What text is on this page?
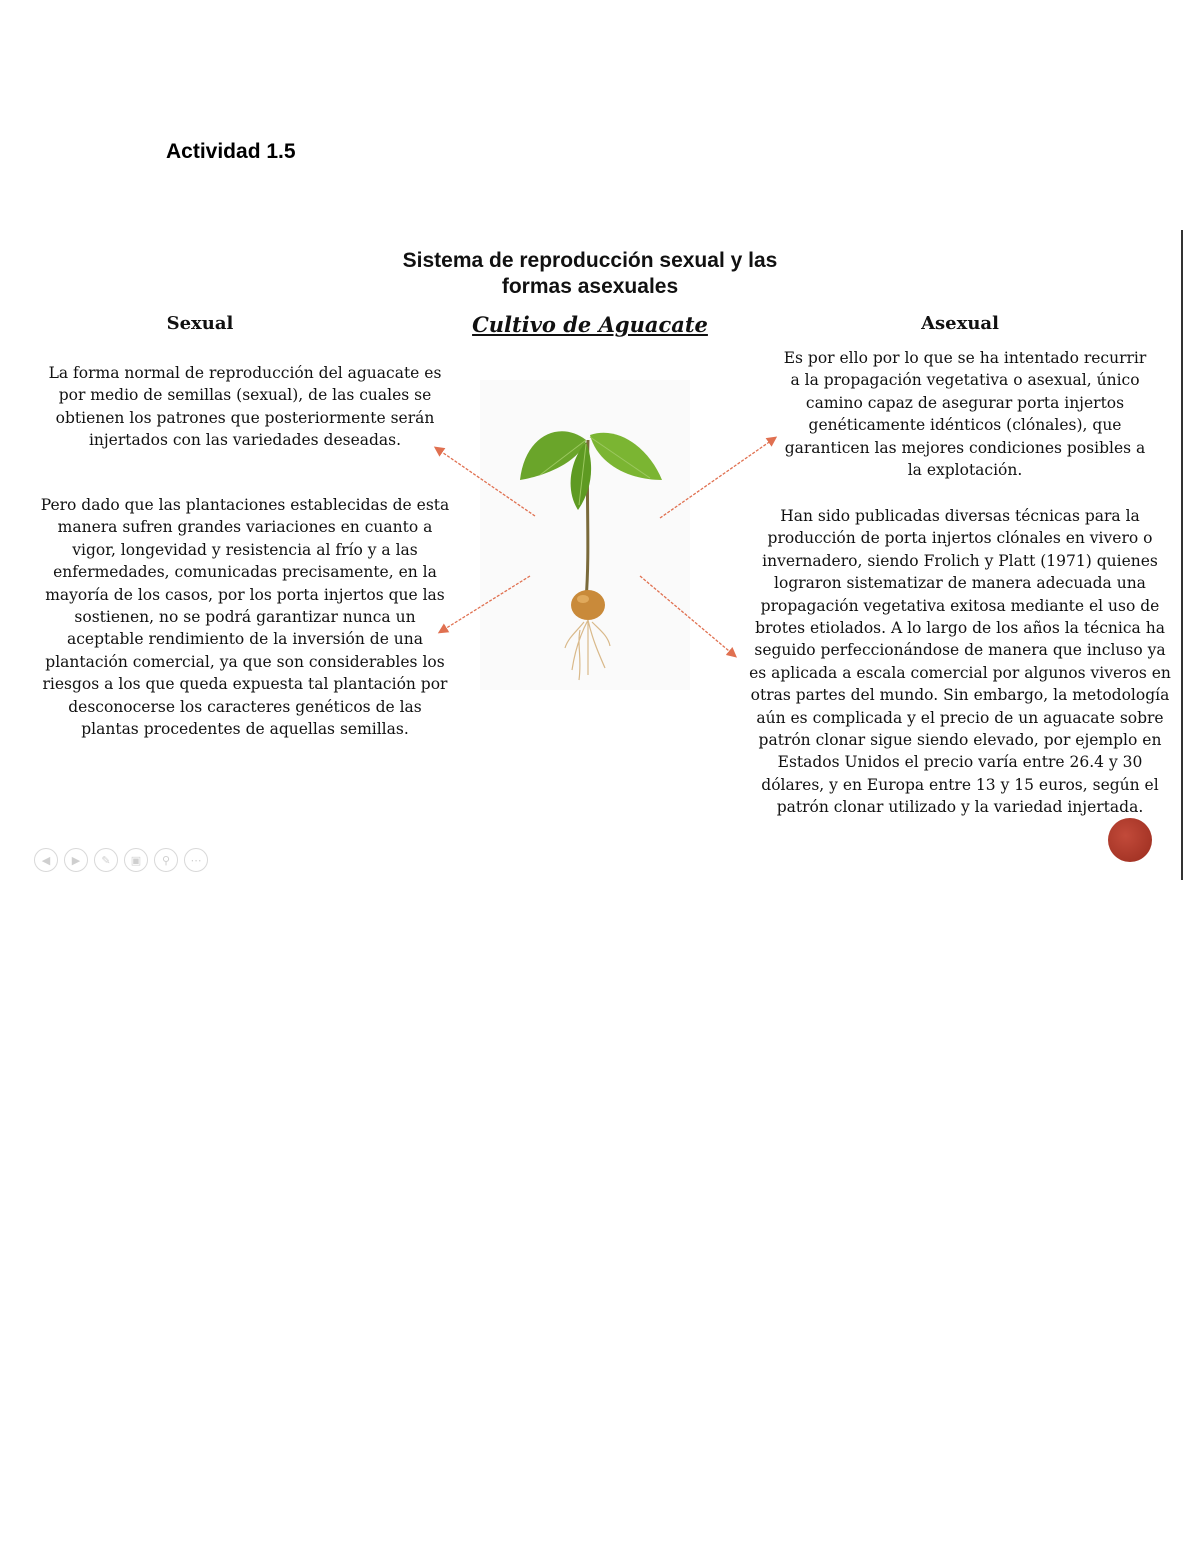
Actividad 1.5
Sistema de reproducción sexual y las
formas asexuales
Cultivo de Aguacate
Sexual	Asexual

La forma normal de reproducción del aguacate es por medio de semillas (sexual), de las cuales se obtienen los patrones que posteriormente serán injertados con las variedades deseadas.

Pero dado que las plantaciones establecidas de esta manera sufren grandes variaciones en cuanto a vigor, longevidad y resistencia al frío y a las enfermedades, comunicadas precisamente, en la mayoría de los casos, por los porta injertos que las sostienen, no se podrá garantizar nunca un aceptable rendimiento de la inversión de una plantación comercial, ya que son considerables los riesgos a los que queda expuesta tal plantación por desconocerse los caracteres genéticos de las plantas procedentes de aquellas semillas.

Es por ello por lo que se ha intentado recurrir a la propagación vegetativa o asexual, único camino capaz de asegurar porta injertos genéticamente idénticos (clónales), que garanticen las mejores condiciones posibles a la explotación.

Han sido publicadas diversas técnicas para la producción de porta injertos clónales en vivero o invernadero, siendo Frolich y Platt (1971) quienes lograron sistematizar de manera adecuada una propagación vegetativa exitosa mediante el uso de brotes etiolados. A lo largo de los años la técnica ha seguido perfeccionándose de manera que incluso ya es aplicada a escala comercial por algunos viveros en otras partes del mundo. Sin embargo, la metodología aún es complicada y el precio de un aguacate sobre patrón clonar sigue siendo elevado, por ejemplo en Estados Unidos el precio varía entre 26.4 y 30 dólares, y en Europa entre 13 y 15 euros, según el patrón clonar utilizado y la variedad injertada.

◀	▶	✎	▣	⚲	⋯
